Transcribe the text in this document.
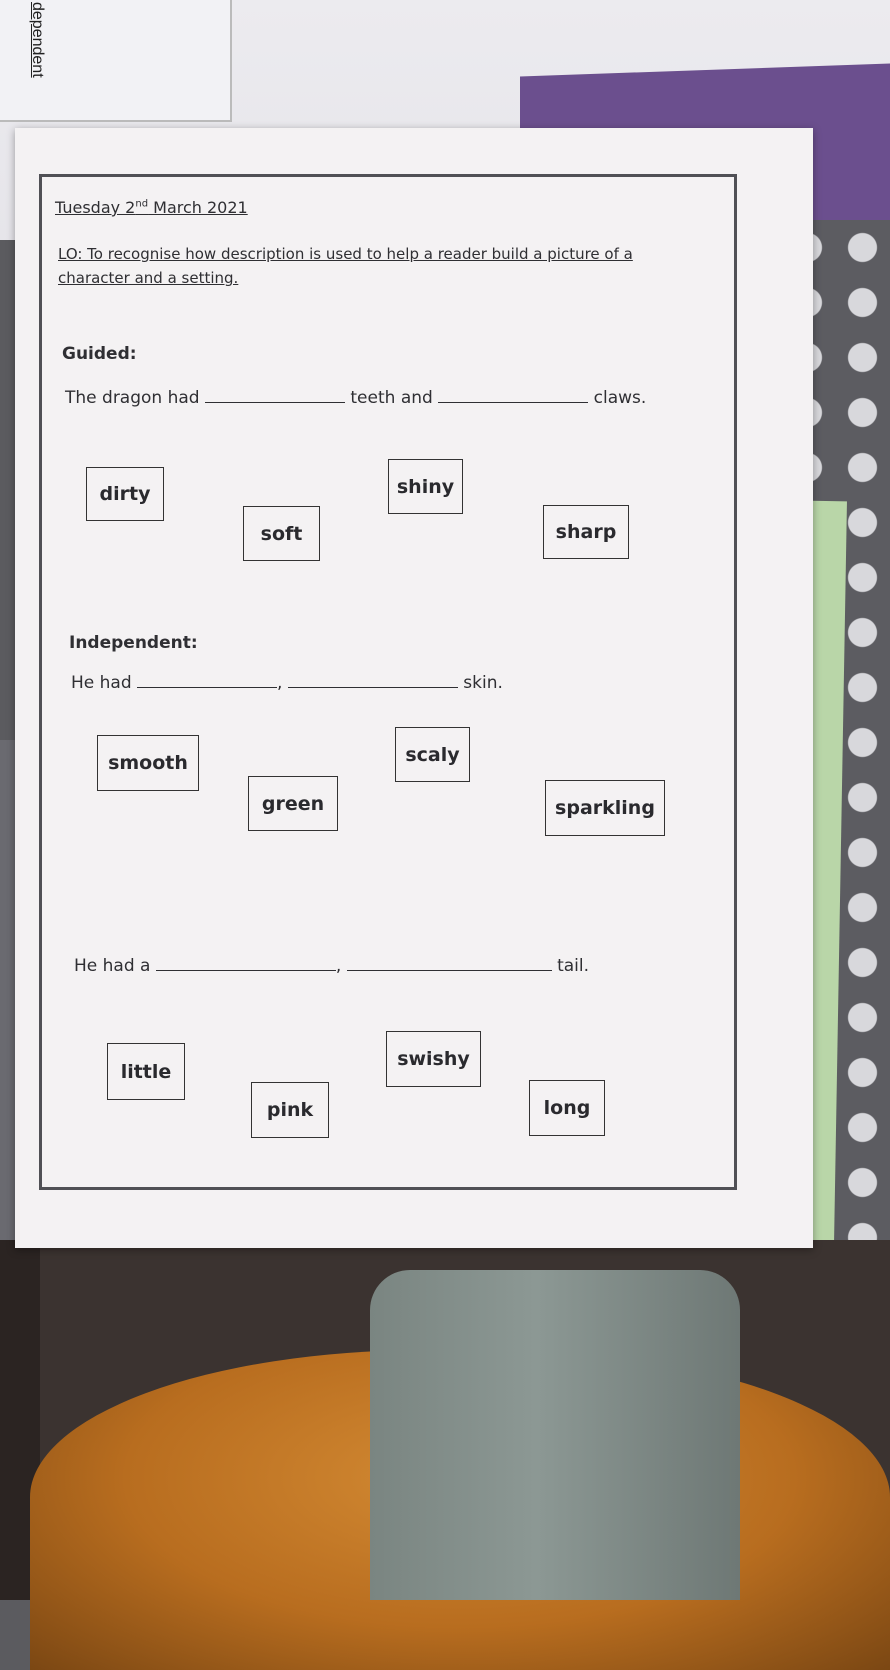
dependent
Tuesday 2nd March 2021
LO: To recognise how description is used to help a reader build a picture of a character and a setting.
Guided:
The dragon had	teeth and	claws.
dirty	shiny
soft	sharp
Independent:
He had	,	skin.
smooth	scaly
green	sparkling
He had a	,	tail.
little
swishy
pink	long
